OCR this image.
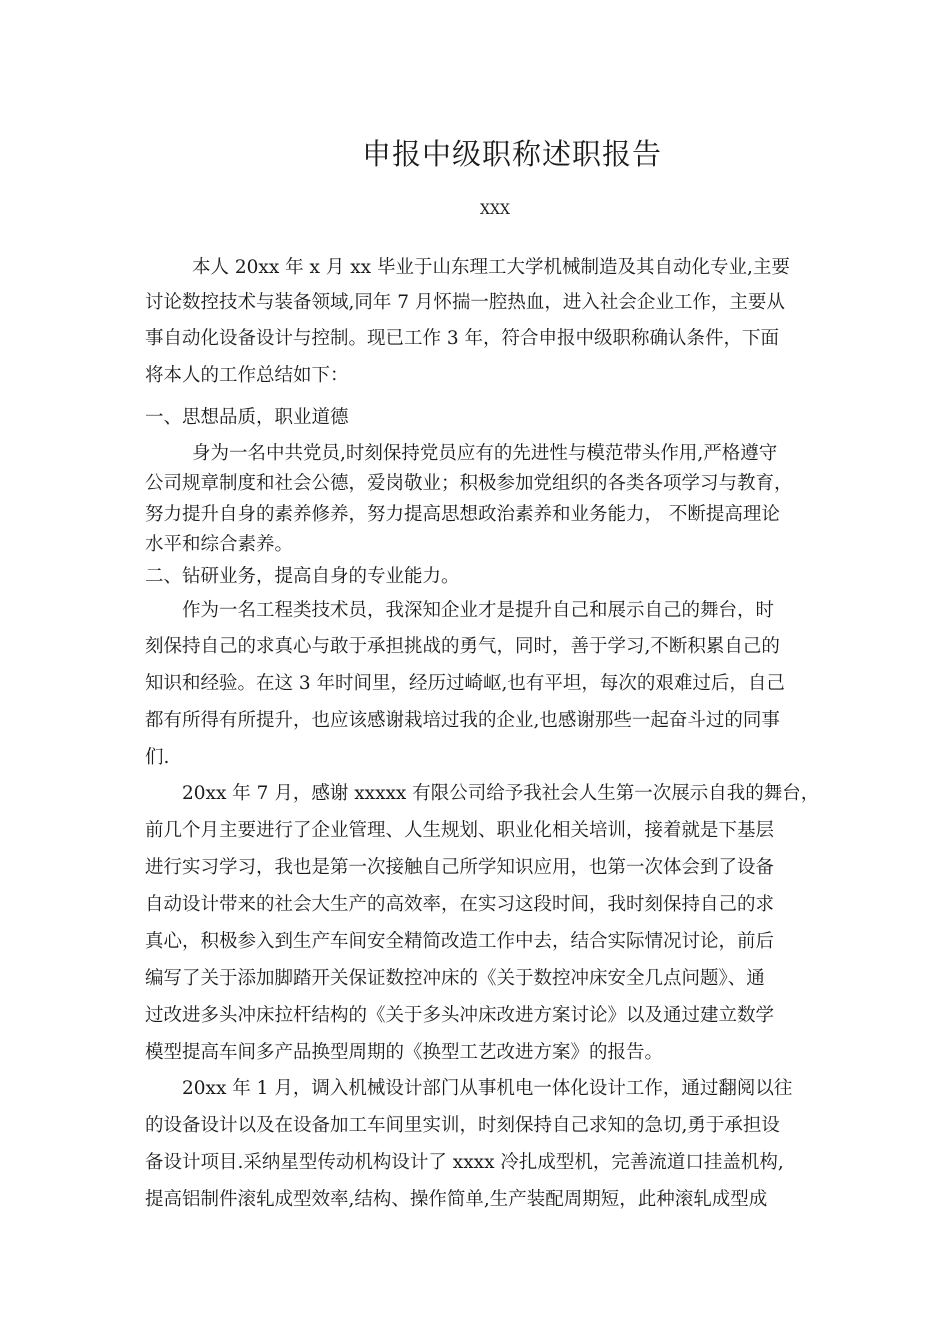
申报中级职称述职报告
XXX
本人 20xx 年 x 月 xx 毕业于山东理工大学机械制造及其自动化专业,主要
讨论数控技术与装备领域,同年 7 月怀揣一腔热血，进入社会企业工作，主要从
事自动化设备设计与控制。现已工作 3 年，符合申报中级职称确认条件，下面
将本人的工作总结如下：
一、思想品质，职业道德
身为一名中共党员,时刻保持党员应有的先进性与模范带头作用,严格遵守
公司规章制度和社会公德，爱岗敬业；积极参加党组织的各类各项学习与教育，
努力提升自身的素养修养，努力提高思想政治素养和业务能力， 不断提高理论
水平和综合素养。
二、钻研业务，提高自身的专业能力。
作为一名工程类技术员，我深知企业才是提升自己和展示自己的舞台，时
刻保持自己的求真心与敢于承担挑战的勇气，同时，善于学习,不断积累自己的
知识和经验。在这 3 年时间里，经历过崎岖,也有平坦，每次的艰难过后，自己
都有所得有所提升，也应该感谢栽培过我的企业,也感谢那些一起奋斗过的同事
们.
20xx 年 7 月，感谢 xxxxx 有限公司给予我社会人生第一次展示自我的舞台，
前几个月主要进行了企业管理、人生规划、职业化相关培训，接着就是下基层
进行实习学习，我也是第一次接触自己所学知识应用，也第一次体会到了设备
自动设计带来的社会大生产的高效率，在实习这段时间，我时刻保持自己的求
真心，积极参入到生产车间安全精简改造工作中去，结合实际情况讨论，前后
编写了关于添加脚踏开关保证数控冲床的《关于数控冲床安全几点问题》、通
过改进多头冲床拉杆结构的《关于多头冲床改进方案讨论》以及通过建立数学
模型提高车间多产品换型周期的《换型工艺改进方案》的报告。
20xx 年 1 月，调入机械设计部门从事机电一体化设计工作，通过翻阅以往
的设备设计以及在设备加工车间里实训，时刻保持自己求知的急切,勇于承担设
备设计项目.采纳星型传动机构设计了 xxxx 冷扎成型机，完善流道口挂盖机构,
提高铝制件滚轧成型效率,结构、操作简单,生产装配周期短，此种滚轧成型成
